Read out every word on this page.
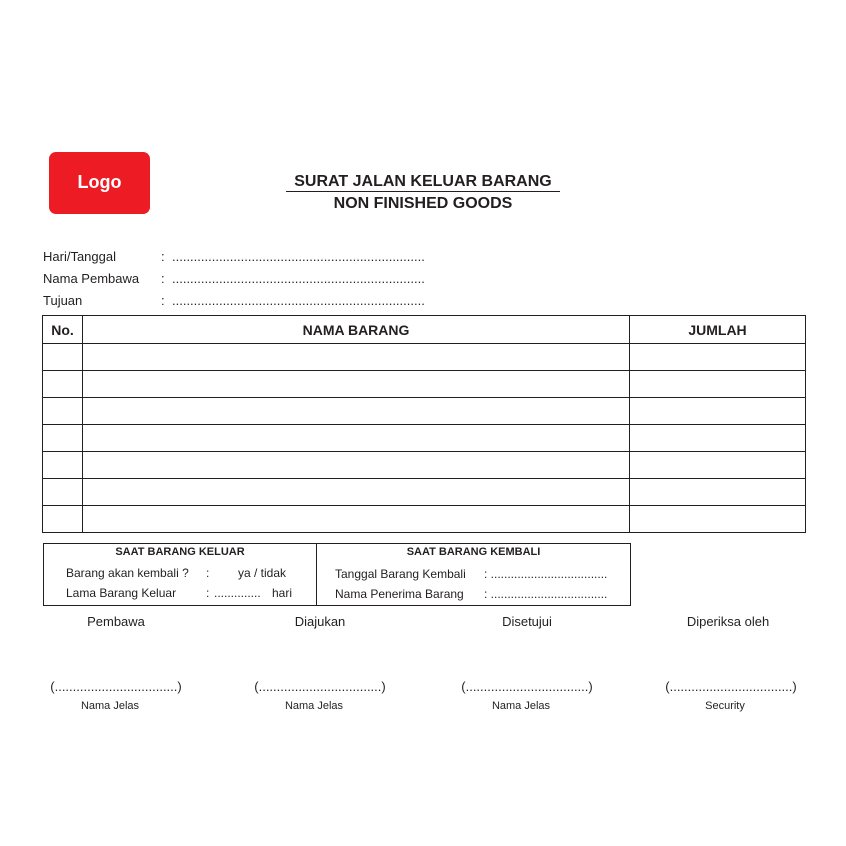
Logo	SURAT JALAN KELUAR BARANG
NON FINISHED GOODS
Hari/Tanggal	: ......................................................................
Nama Pembawa : ......................................................................
Tujuan	: ......................................................................
No.	NAMA BARANG	JUMLAH

SAAT BARANG KELUAR
Barang akan kembali ? : ya / tidak
Lama Barang Keluar : .............. hari
SAAT BARANG KEMBALI
Tanggal Barang Kembali : ...................................
Nama Penerima Barang : ...................................
Pembawa	Diajukan	Disetujui	Diperiksa oleh
(..................................)	(..................................)	(..................................)	(..................................)
Nama Jelas	Nama Jelas	Nama Jelas	Security
